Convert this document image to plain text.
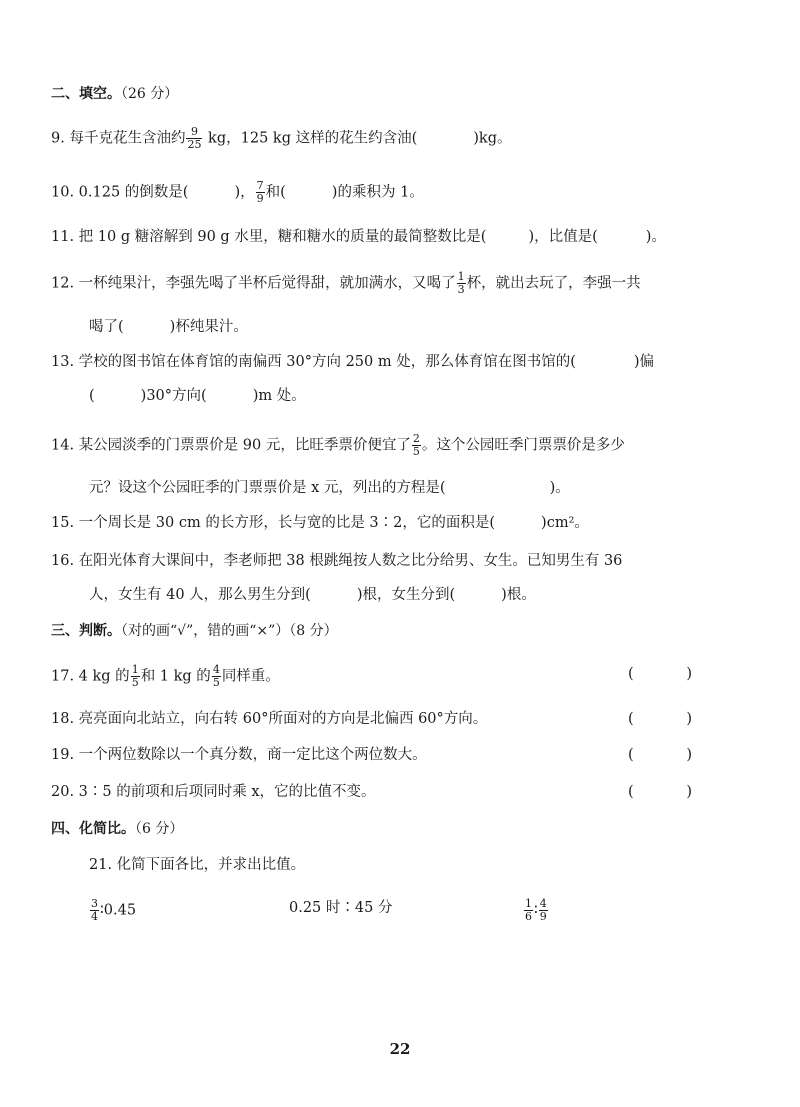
二、填空。（26 分）
9. 每千克花生含油约 $\frac{9}{25}$ kg，125 kg 这样的花生约含油(	)kg。
10. 0.125 的倒数是(	)， $\frac{7}{9}$ 和(	)的乘积为 1。
11. 把 10 g 糖溶解到 90 g 水里，糖和糖水的质量的最简整数比是(	)，比值是(	)。
12. 一杯纯果汁，李强先喝了半杯后觉得甜，就加满水，又喝了 $\frac{1}{3}$ 杯，就出去玩了，李强一共
喝了(	)杯纯果汁。
13. 学校的图书馆在体育馆的南偏西 30°方向 250 m 处，那么体育馆在图书馆的(	)偏
(	)30°方向(	)m 处。
14. 某公园淡季的门票票价是 90 元，比旺季票价便宜了 $\frac{2}{5}$ 。这个公园旺季门票票价是多少
元？设这个公园旺季的门票票价是 x 元，列出的方程是(	)。
15. 一个周长是 30 cm 的长方形，长与宽的比是 3∶2，它的面积是(	)cm²。
16. 在阳光体育大课间中，李老师把 38 根跳绳按人数之比分给男、女生。已知男生有 36
人，女生有 40 人，那么男生分到(	)根，女生分到(	)根。
三、判断。（对的画“√”，错的画“×”）（8 分）
17. 4 kg 的 $\frac{1}{5}$ 和 1 kg 的 $\frac{4}{5}$ 同样重。	(	)
18. 亮亮面向北站立，向右转 60°所面对的方向是北偏西 60°方向。	(	)
19. 一个两位数除以一个真分数，商一定比这个两位数大。	(	)
20. 3∶5 的前项和后项同时乘 x，它的比值不变。	(	)
四、化简比。（6 分）
21. 化简下面各比，并求出比值。
$\frac{3}{4}$ ∶0.45	0.25 时∶45 分	$\frac{1}{6}$ ∶ $\frac{4}{9}$
22
